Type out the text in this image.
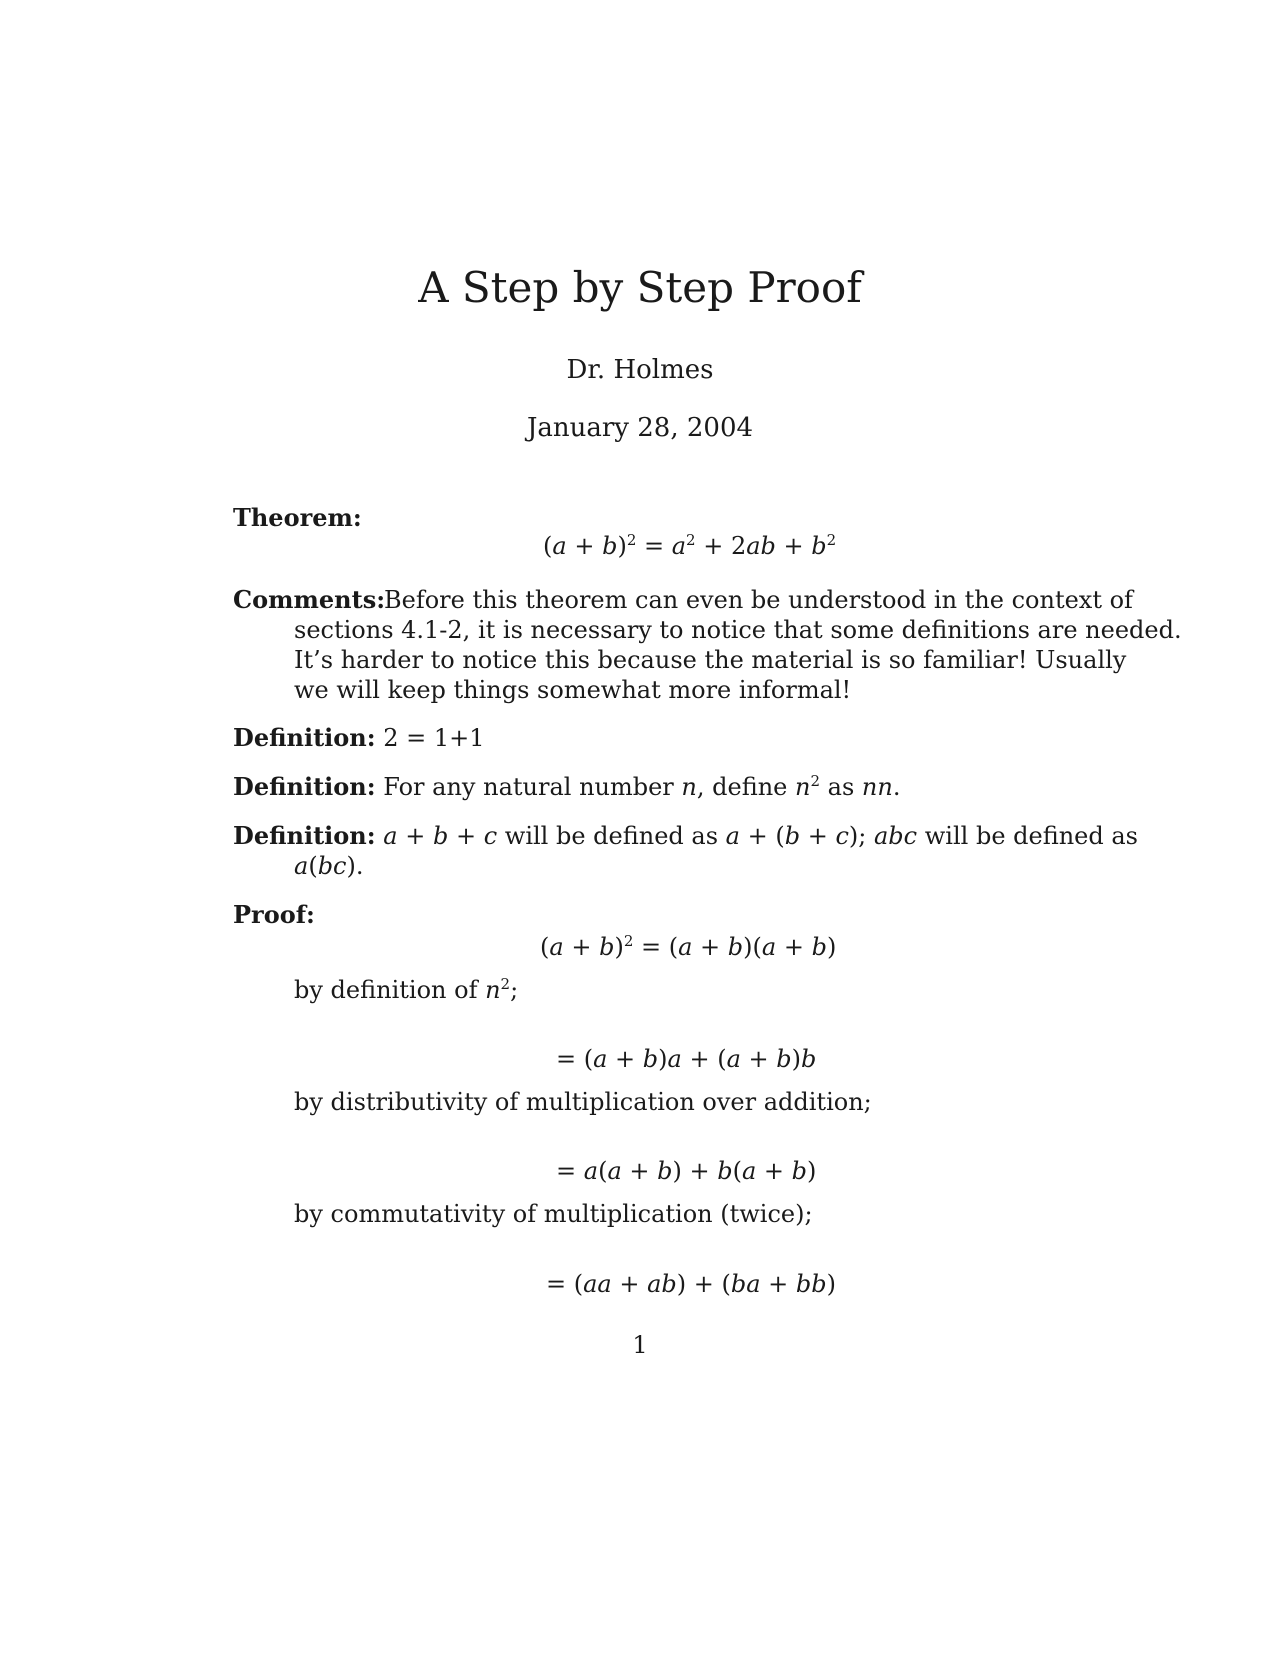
A Step by Step Proof
Dr. Holmes
January 28, 2004
Theorem:
$(a + b)^2 = a^2 + 2ab + b^2$
Comments:
Before this theorem can even be understood in the context of
sections 4.1-2, it is necessary to notice that some definitions are needed.
It’s harder to notice this because the material is so familiar! Usually
we will keep things somewhat more informal!
Definition: 2 = 1+1
Definition: For any natural number n, define $n^2$ as nn.
Definition: a + b + c will be defined as a + (b + c); abc will be defined as
a(bc).
Proof:
$(a + b)^2 = (a + b)(a + b)$
by definition of $n^2$;
= (a + b)a + (a + b)b
by distributivity of multiplication over addition;
= a(a + b) + b(a + b)
by commutativity of multiplication (twice);
= (aa + ab) + (ba + bb)
1
